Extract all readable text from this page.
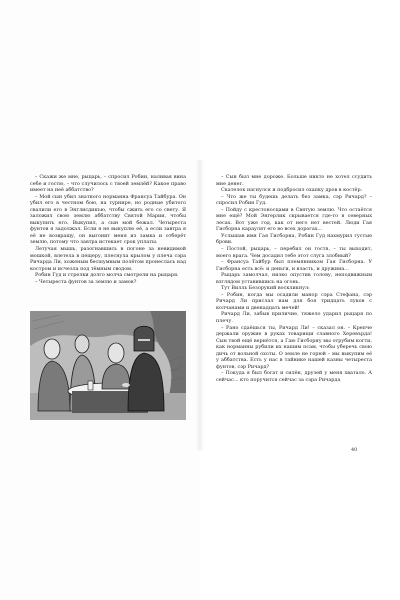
– Скажи же мне, рыцарь, – спросил Робин, наливая вина себе и гостю, – что случилось с твоей землёй? Какое право имеет на неё аббатство?

– Мой сын убил знатного норманна Франсуа Тайбура. Он убил его в честном бою, на турнире, но родные убитого свалили его в Энглисдикъю, чтобы сжить его со свету. Я заложил свою землю аббатству Святой Марии, чтобы выкупить его. Выкупил, а сын мой бежал. Четыреста фунтов я задолжал. Если я не выкуплю её, а если завтра я её не возвращу, он выгонит меня из замка и отберёт землю, потому что завтра истекает срок уплаты.

Летучая мышь, разогнавшись в погоне за невидимой мошкой, влетела в пещеру, плеснула крылом у плеча сэра Ричарда Ли, хоженым бесшумным полётом пронеслась над костром и исчезла под тёмным сводом.

Робин Гуд и стрелки долго молча смотрели на рыцаря.

– Четыреста фунтов за землю и замок?

– Сын был мне дороже. Больше никто не хотел ссудить мне денег.

Скателок нагнулся и подбросил охапку дров в костёр.

– Что же ты будешь делать без замка, сэр Ричард? – спросил Робин Гуд.

– Пойду с крестоносцами в Святую землю. Что остаётся мне ещё? Мой Энгерлик скрывается где-то в северных лесах. Вот уже год, как от него нет вестей. Люди Гая Гисборна караулят его во всех дорогах...

Услышав имя Гая Гисборна, Робин Гуд нахмурил густые брови.

– Постой, рыцарь, – перебил он гостя, – ты выходит, моего врага. Чем досадил тебе этот слуга злобный?

– Франсуа Тайбур был племянником Гая Гисборна. У Гисборна есть всё: и деньги, и власть, и дружина...

Рыцарь замолчал, низко опустив голову, неподвижным взглядом уставившись на огонь.

Тут Вилль Безорукий воскликнул:

– Робин, когда мы осадили манор сэра Стефана, сэр Ричард Ли прислал нам для боя тридцать луков с колчанами и двенадцать мечей!

Ричард Ли, забыв приличие, тяжело ударил рыцаря по плечу.

– Рано сдаёшься ты, Ричард Ли! – сказал он. – Крепче держали оружие в руках товарищи славного Херевърда! Сын твой ещё вернётся, а Гаю Гисборну мы отрубим когти, как норманны рубили их нашим псам, чтобы уберечь свою дичь от вольной охоты. О земле не горюй – мы выкупим её у аббатства. Есть у нас в тайнике нашей казны четыреста фунтов, сэр Ричард?

– Покуда я был богат и силён, друзей у меня хватало. А сейчас... кто поручится сейчас за сэра Ричарда

40
